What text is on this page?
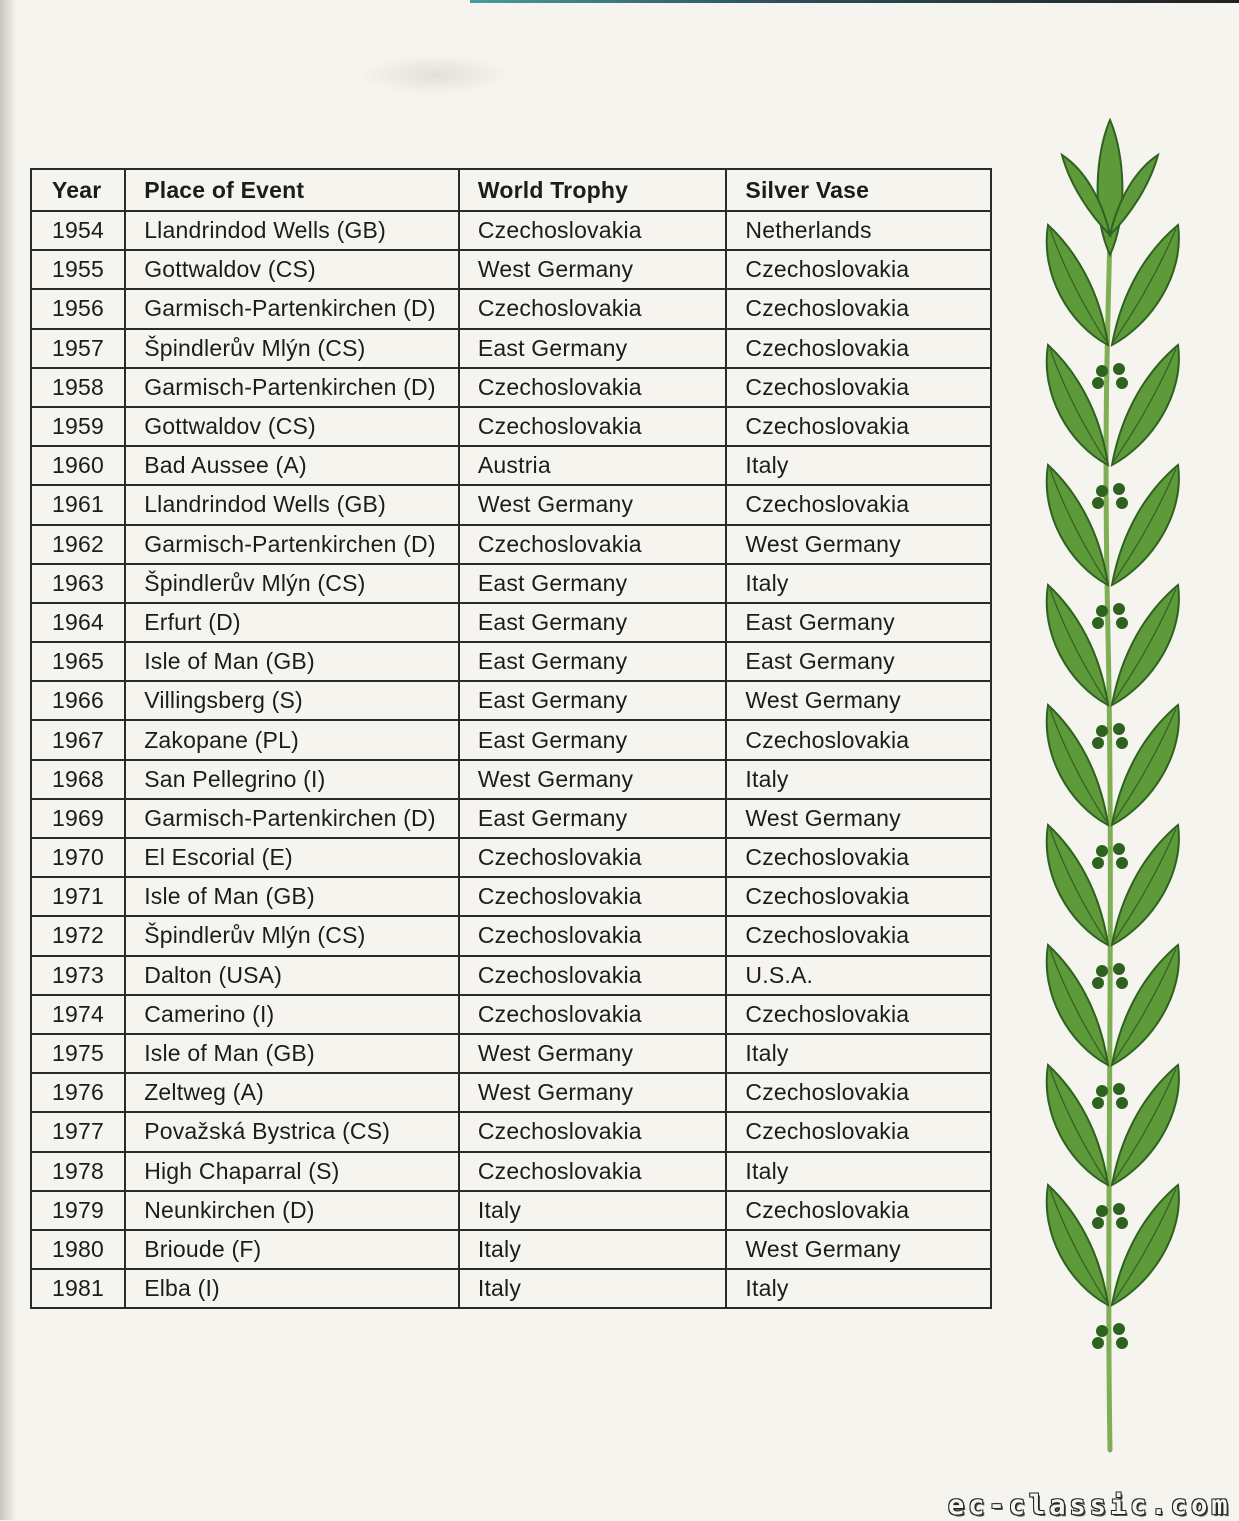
Year	Place of Event	World Trophy	Silver Vase
1954	Llandrindod Wells (GB)	Czechoslovakia	Netherlands
1955	Gottwaldov (CS)	West Germany	Czechoslovakia
1956	Garmisch-Partenkirchen (D)	Czechoslovakia	Czechoslovakia
1957	Špindlerův Mlýn (CS)	East Germany	Czechoslovakia
1958	Garmisch-Partenkirchen (D)	Czechoslovakia	Czechoslovakia
1959	Gottwaldov (CS)	Czechoslovakia	Czechoslovakia
1960	Bad Aussee (A)	Austria	Italy
1961	Llandrindod Wells (GB)	West Germany	Czechoslovakia
1962	Garmisch-Partenkirchen (D)	Czechoslovakia	West Germany
1963	Špindlerův Mlýn (CS)	East Germany	Italy
1964	Erfurt (D)	East Germany	East Germany
1965	Isle of Man (GB)	East Germany	East Germany
1966	Villingsberg (S)	East Germany	West Germany
1967	Zakopane (PL)	East Germany	Czechoslovakia
1968	San Pellegrino (I)	West Germany	Italy
1969	Garmisch-Partenkirchen (D)	East Germany	West Germany
1970	El Escorial (E)	Czechoslovakia	Czechoslovakia
1971	Isle of Man (GB)	Czechoslovakia	Czechoslovakia
1972	Špindlerův Mlýn (CS)	Czechoslovakia	Czechoslovakia
1973	Dalton (USA)	Czechoslovakia	U.S.A.
1974	Camerino (I)	Czechoslovakia	Czechoslovakia
1975	Isle of Man (GB)	West Germany	Italy
1976	Zeltweg (A)	West Germany	Czechoslovakia
1977	Považská Bystrica (CS)	Czechoslovakia	Czechoslovakia
1978	High Chaparral (S)	Czechoslovakia	Italy
1979	Neunkirchen (D)	Italy	Czechoslovakia
1980	Brioude (F)	Italy	West Germany
1981	Elba (I)	Italy	Italy
ec-classic.com
